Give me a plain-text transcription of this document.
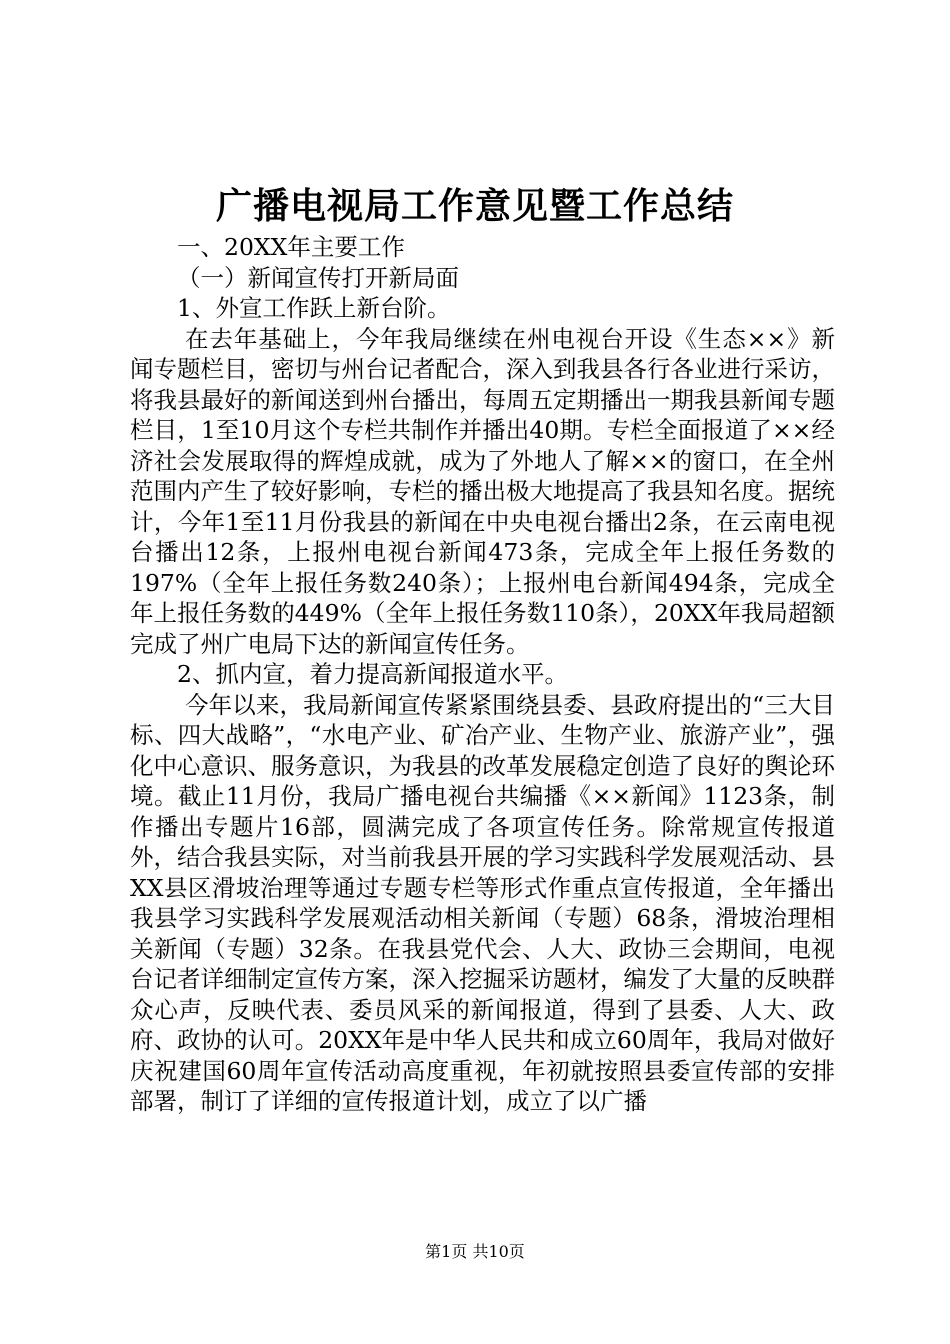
广播电视局工作意见暨工作总结

一、20XX年主要工作

（一）新闻宣传打开新局面

1、外宣工作跃上新台阶。

在去年基础上，今年我局继续在州电视台开设《生态××》新闻专题栏目，密切与州台记者配合，深入到我县各行各业进行采访，将我县最好的新闻送到州台播出，每周五定期播出一期我县新闻专题栏目，1至10月这个专栏共制作并播出40期。专栏全面报道了××经济社会发展取得的辉煌成就，成为了外地人了解××的窗口，在全州范围内产生了较好影响，专栏的播出极大地提高了我县知名度。据统计，今年1至11月份我县的新闻在中央电视台播出2条，在云南电视台播出12条，上报州电视台新闻473条，完成全年上报任务数的197%（全年上报任务数240条）；上报州电台新闻494条，完成全年上报任务数的449%（全年上报任务数110条），20XX年我局超额完成了州广电局下达的新闻宣传任务。

2、抓内宣，着力提高新闻报道水平。

今年以来，我局新闻宣传紧紧围绕县委、县政府提出的“三大目标、四大战略”，“水电产业、矿冶产业、生物产业、旅游产业”，强化中心意识、服务意识，为我县的改革发展稳定创造了良好的舆论环境。截止11月份，我局广播电视台共编播《××新闻》1123条，制作播出专题片16部，圆满完成了各项宣传任务。除常规宣传报道外，结合我县实际，对当前我县开展的学习实践科学发展观活动、县XX县区滑坡治理等通过专题专栏等形式作重点宣传报道，全年播出我县学习实践科学发展观活动相关新闻（专题）68条，滑坡治理相关新闻（专题）32条。在我县党代会、人大、政协三会期间，电视台记者详细制定宣传方案，深入挖掘采访题材，编发了大量的反映群众心声，反映代表、委员风采的新闻报道，得到了县委、人大、政府、政协的认可。20XX年是中华人民共和成立60周年，我局对做好庆祝建国60周年宣传活动高度重视，年初就按照县委宣传部的安排部署，制订了详细的宣传报道计划，成立了以广播

第1页 共10页
